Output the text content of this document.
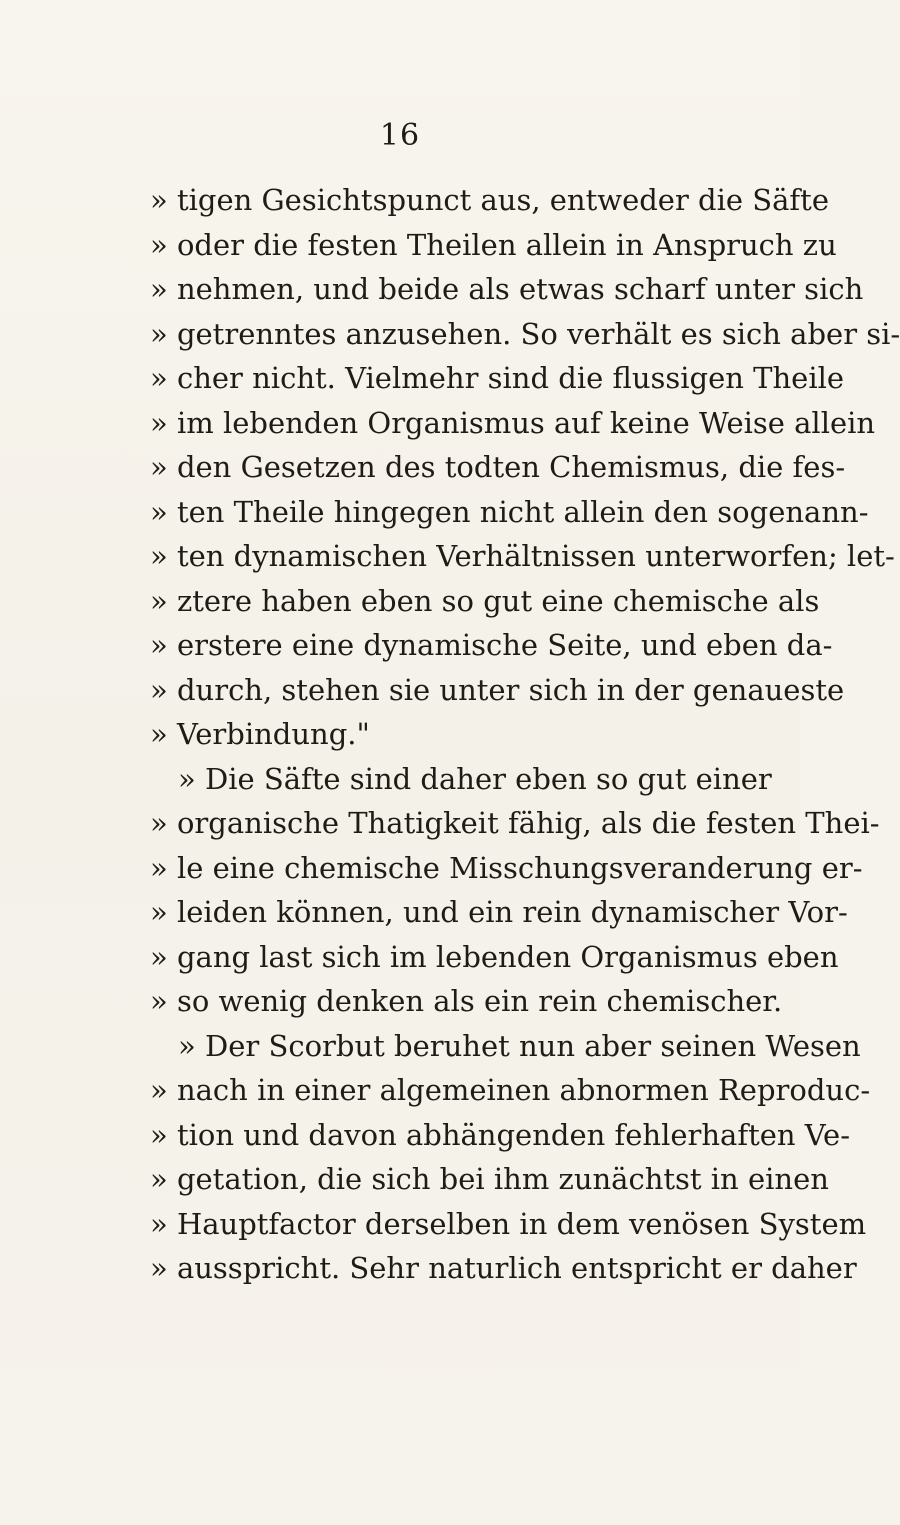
16
» tigen Gesichtspunct aus, entweder die Säfte
» oder die festen Theilen allein in Anspruch zu
» nehmen, und beide als etwas scharf unter sich
» getrenntes anzusehen. So verhält es sich aber si-
» cher nicht. Vielmehr sind die flussigen Theile
» im lebenden Organismus auf keine Weise allein
» den Gesetzen des todten Chemismus, die fes-
» ten Theile hingegen nicht allein den sogenann-
» ten dynamischen Verhältnissen unterworfen; let-
» ztere haben eben so gut eine chemische als
» erstere eine dynamische Seite, und eben da-
» durch, stehen sie unter sich in der genaueste
» Verbindung."
» Die Säfte sind daher eben so gut einer
» organische Thatigkeit fähig, als die festen Thei-
» le eine chemische Misschungsveranderung er-
» leiden können, und ein rein dynamischer Vor-
» gang last sich im lebenden Organismus eben
» so wenig denken als ein rein chemischer.
» Der Scorbut beruhet nun aber seinen Wesen
» nach in einer algemeinen abnormen Reproduc-
» tion und davon abhängenden fehlerhaften Ve-
» getation, die sich bei ihm zunächtst in einen
» Hauptfactor derselben in dem venösen System
» ausspricht. Sehr naturlich entspricht er daher
